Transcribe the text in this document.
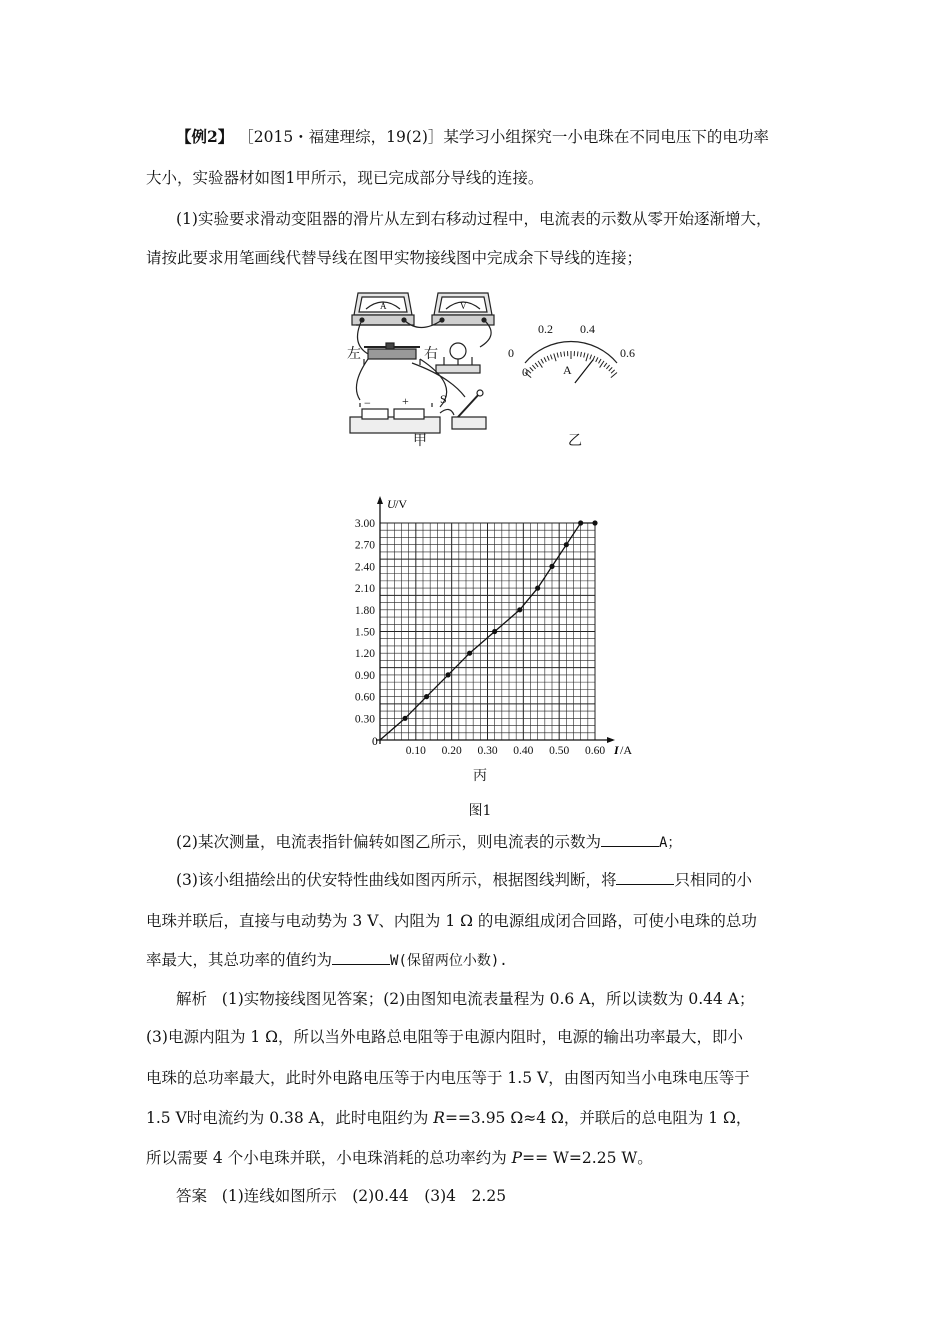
【例2】 ［2015・福建理综，19(2)］某学习小组探究一小电珠在不同电压下的电功率
大小，实验器材如图1甲所示，现已完成部分导线的连接。
(1)实验要求滑动变阻器的滑片从左到右移动过程中，电流表的示数从零开始逐渐增大，
请按此要求用笔画线代替导线在图甲实物接线图中完成余下导线的连接；
左	右
A	V
S
−	+
0
0.2 0.4
0.6
0	A
甲	乙
0.30
0.60
0.90
1.20
1.50
1.80
2.10
2.40
2.70
3.00
0.10 0.20 0.30 0.40 0.50 0.60
0
U /V
I /A
丙
图1
(2)某次测量，电流表指针偏转如图乙所示，则电流表的示数为	A；
(3)该小组描绘出的伏安特性曲线如图丙所示，根据图线判断，将	只相同的小
电珠并联后，直接与电动势为 3 V、内阻为 1 Ω 的电源组成闭合回路，可使小电珠的总功
率最大，其总功率的值约为	W(保留两位小数).
解析 (1)实物接线图见答案；(2)由图知电流表量程为 0.6 A，所以读数为 0.44 A；
(3)电源内阻为 1 Ω，所以当外电路总电阻等于电源内阻时，电源的输出功率最大，即小
电珠的总功率最大，此时外电路电压等于内电压等于 1.5 V，由图丙知当小电珠电压等于
1.5 V时电流约为 0.38 A，此时电阻约为 R==3.95 Ω≈4 Ω，并联后的总电阻为 1 Ω，
所以需要 4 个小电珠并联，小电珠消耗的总功率约为 P== W=2.25 W。
答案 (1)连线如图所示　(2)0.44　(3)4　2.25
